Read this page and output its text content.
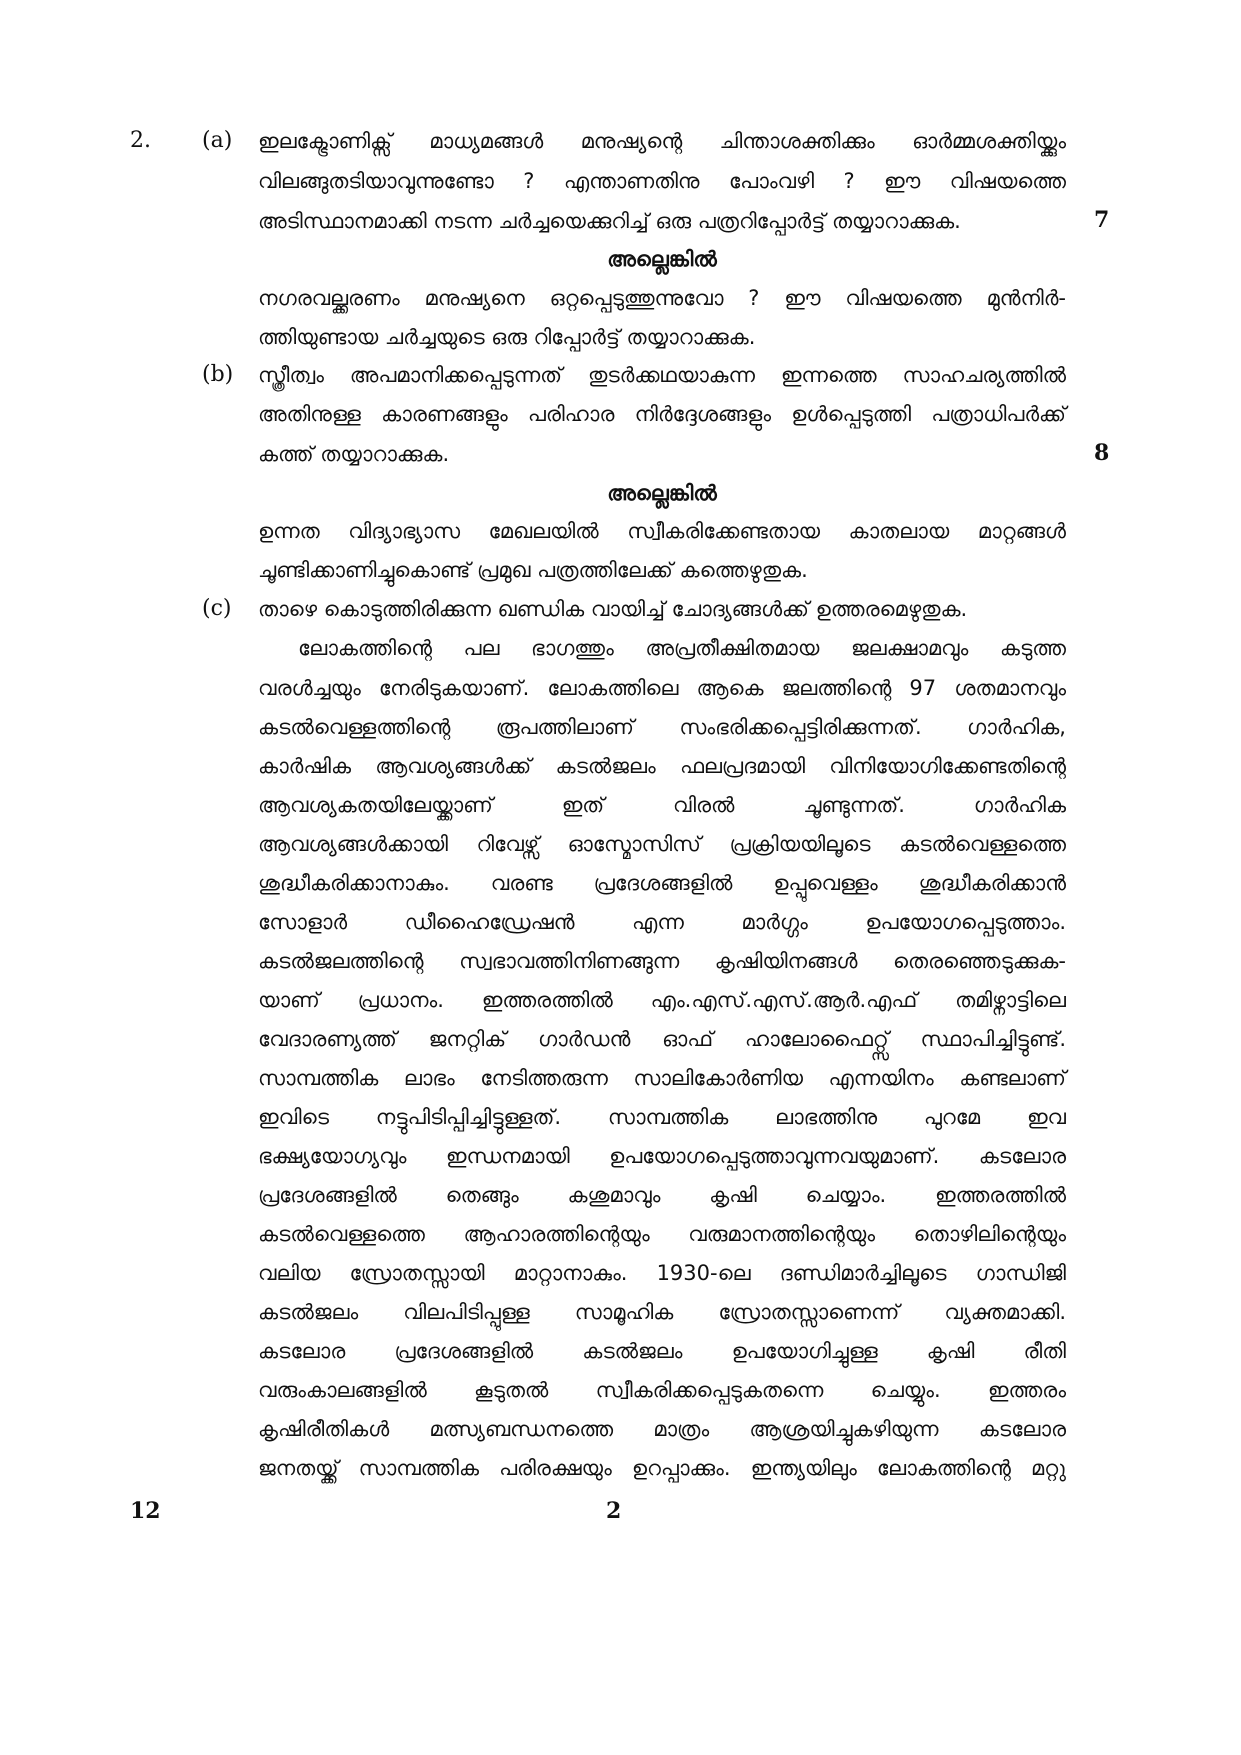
2. (a) ഇലക്ട്രോണിക്സ് മാധ്യമങ്ങൾ മനുഷ്യന്റെ ചിന്താശക്തിക്കും ഓർമ്മശക്തിയ്ക്കും
വിലങ്ങുതടിയാവുന്നുണ്ടോ ? എന്താണതിനു പോംവഴി ? ഈ വിഷയത്തെ
അടിസ്ഥാനമാക്കി നടന്ന ചർച്ചയെക്കുറിച്ച് ഒരു പത്രറിപ്പോർട്ട് തയ്യാറാക്കുക.	7
അല്ലെങ്കിൽ
നഗരവല്ക്കരണം മനുഷ്യനെ ഒറ്റപ്പെടുത്തുന്നുവോ ? ഈ വിഷയത്തെ മുൻനിർ-
ത്തിയുണ്ടായ ചർച്ചയുടെ ഒരു റിപ്പോർട്ട് തയ്യാറാക്കുക.
(b) സ്ത്രീത്വം അപമാനിക്കപ്പെടുന്നത് തുടർക്കഥയാകുന്ന ഇന്നത്തെ സാഹചര്യത്തിൽ
അതിനുള്ള കാരണങ്ങളും പരിഹാര നിർദ്ദേശങ്ങളും ഉൾപ്പെടുത്തി പത്രാധിപർക്ക്
കത്ത് തയ്യാറാക്കുക.	8
അല്ലെങ്കിൽ
ഉന്നത വിദ്യാഭ്യാസ മേഖലയിൽ സ്വീകരിക്കേണ്ടതായ കാതലായ മാറ്റങ്ങൾ
ചൂണ്ടിക്കാണിച്ചുകൊണ്ട് പ്രമുഖ പത്രത്തിലേക്ക് കത്തെഴുതുക.
(c) താഴെ കൊടുത്തിരിക്കുന്ന ഖണ്ഡിക വായിച്ച് ചോദ്യങ്ങൾക്ക് ഉത്തരമെഴുതുക.
ലോകത്തിന്റെ പല ഭാഗത്തും അപ്രതീക്ഷിതമായ ജലക്ഷാമവും കടുത്ത
വരൾച്ചയും നേരിടുകയാണ്. ലോകത്തിലെ ആകെ ജലത്തിന്റെ 97 ശതമാനവും
കടൽവെള്ളത്തിന്റെ രൂപത്തിലാണ് സംഭരിക്കപ്പെട്ടിരിക്കുന്നത്. ഗാർഹിക,
കാർഷിക ആവശ്യങ്ങൾക്ക് കടൽജലം ഫലപ്രദമായി വിനിയോഗിക്കേണ്ടതിന്റെ
ആവശ്യകതയിലേയ്ക്കാണ് ഇത് വിരൽ ചൂണ്ടുന്നത്. ഗാർഹിക
ആവശ്യങ്ങൾക്കായി റിവേഴ്സ് ഓസ്മോസിസ് പ്രക്രിയയിലൂടെ കടൽവെള്ളത്തെ
ശുദ്ധീകരിക്കാനാകും. വരണ്ട പ്രദേശങ്ങളിൽ ഉപ്പുവെള്ളം ശുദ്ധീകരിക്കാൻ
സോളാർ ഡീഹൈഡ്രേഷൻ എന്ന മാർഗ്ഗം ഉപയോഗപ്പെടുത്താം.
കടൽജലത്തിന്റെ സ്വഭാവത്തിനിണങ്ങുന്ന കൃഷിയിനങ്ങൾ തെരഞ്ഞെടുക്കുക-
യാണ് പ്രധാനം. ഇത്തരത്തിൽ എം.എസ്.എസ്.ആർ.എഫ് തമിഴ്നാട്ടിലെ
വേദാരണ്യത്ത് ജനറ്റിക് ഗാർഡൻ ഓഫ് ഹാലോഫൈറ്റ്സ് സ്ഥാപിച്ചിട്ടുണ്ട്.
സാമ്പത്തിക ലാഭം നേടിത്തരുന്ന സാലികോർണിയ എന്നയിനം കണ്ടലാണ്
ഇവിടെ നട്ടുപിടിപ്പിച്ചിട്ടുള്ളത്. സാമ്പത്തിക ലാഭത്തിനു പുറമേ ഇവ
ഭക്ഷ്യയോഗ്യവും ഇന്ധനമായി ഉപയോഗപ്പെടുത്താവുന്നവയുമാണ്. കടലോര
പ്രദേശങ്ങളിൽ തെങ്ങും കശുമാവും കൃഷി ചെയ്യാം. ഇത്തരത്തിൽ
കടൽവെള്ളത്തെ ആഹാരത്തിന്റെയും വരുമാനത്തിന്റെയും തൊഴിലിന്റെയും
വലിയ സ്രോതസ്സായി മാറ്റാനാകും. 1930-ലെ ദണ്ഡിമാർച്ചിലൂടെ ഗാന്ധിജി
കടൽജലം വിലപിടിപ്പുള്ള സാമൂഹിക സ്രോതസ്സാണെന്ന് വ്യക്തമാക്കി.
കടലോര പ്രദേശങ്ങളിൽ കടൽജലം ഉപയോഗിച്ചുള്ള കൃഷി രീതി
വരുംകാലങ്ങളിൽ കൂടുതൽ സ്വീകരിക്കപ്പെടുകതന്നെ ചെയ്യും. ഇത്തരം
കൃഷിരീതികൾ മത്സ്യബന്ധനത്തെ മാത്രം ആശ്രയിച്ചുകഴിയുന്ന കടലോര
ജനതയ്ക്ക് സാമ്പത്തിക പരിരക്ഷയും ഉറപ്പാക്കും. ഇന്ത്യയിലും ലോകത്തിന്റെ മറ്റു
12	2
